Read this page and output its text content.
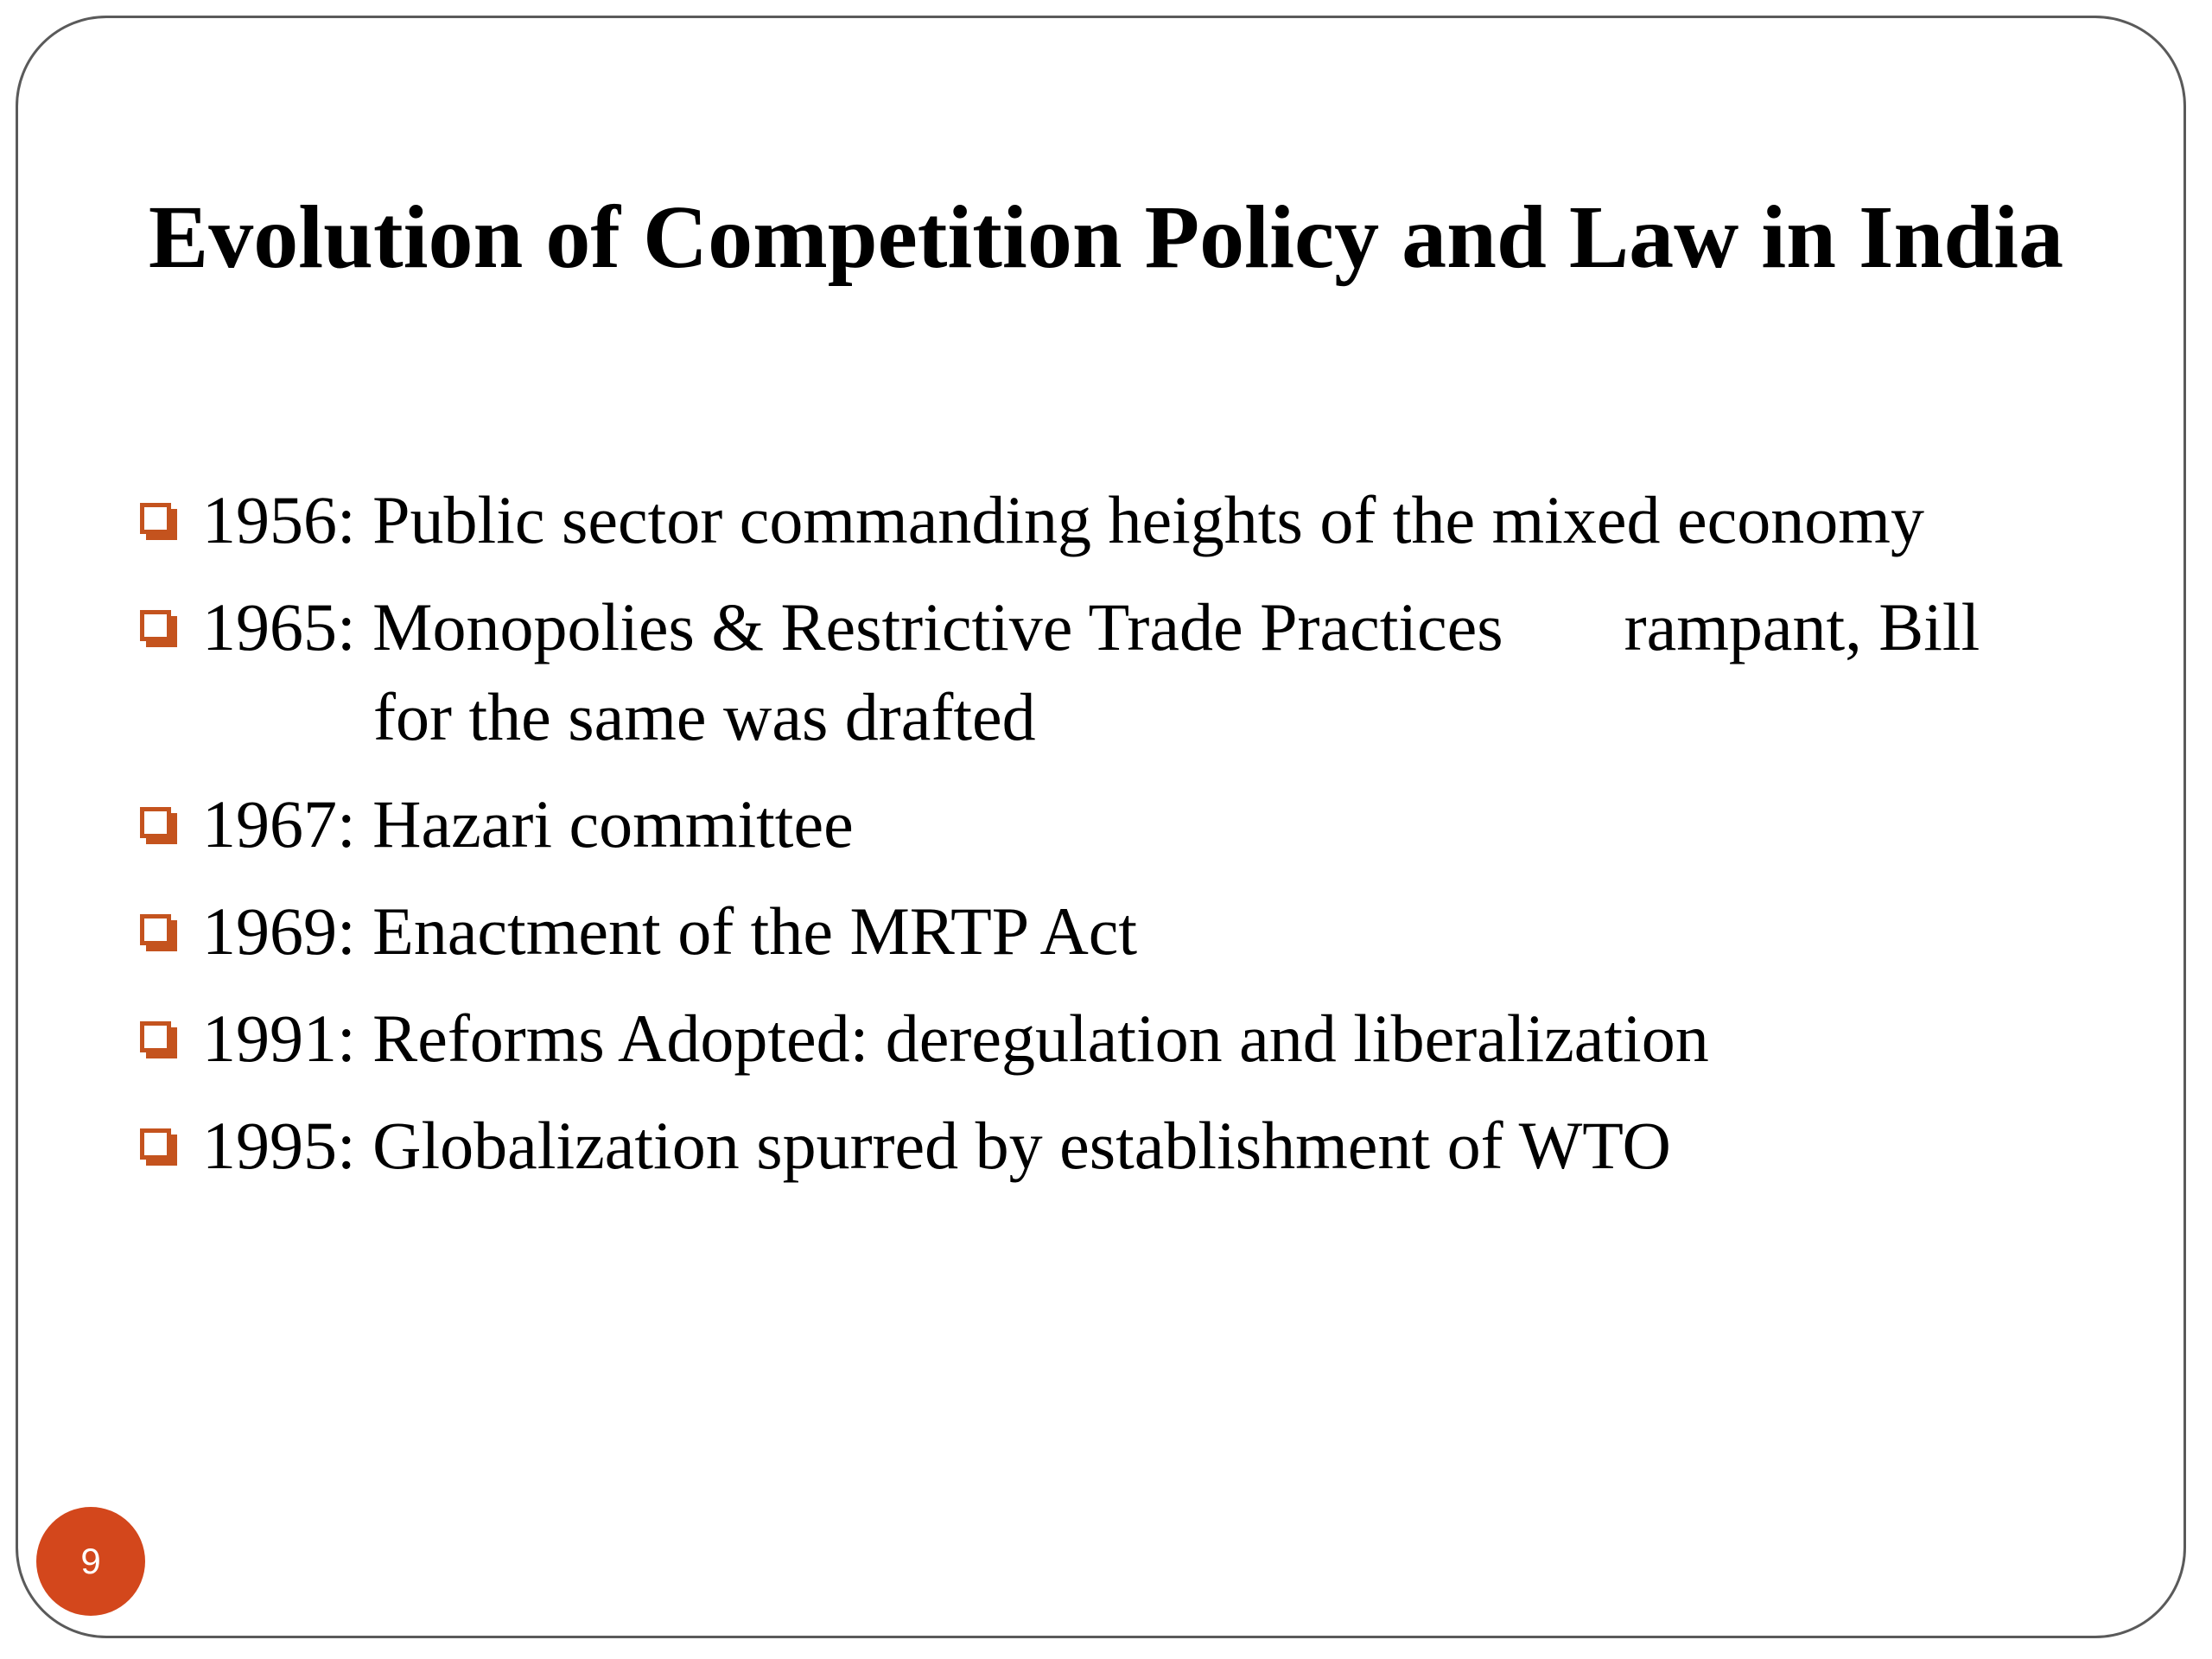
Evolution of Competition Policy and Law in India
1956: Public sector commanding heights of the mixed economy
1965: Monopolies & Restrictive Trade Practices rampant, Bill for the same was drafted
1967: Hazari committee
1969: Enactment of the MRTP Act
1991: Reforms Adopted: deregulation and liberalization
1995: Globalization spurred by establishment of WTO
9
